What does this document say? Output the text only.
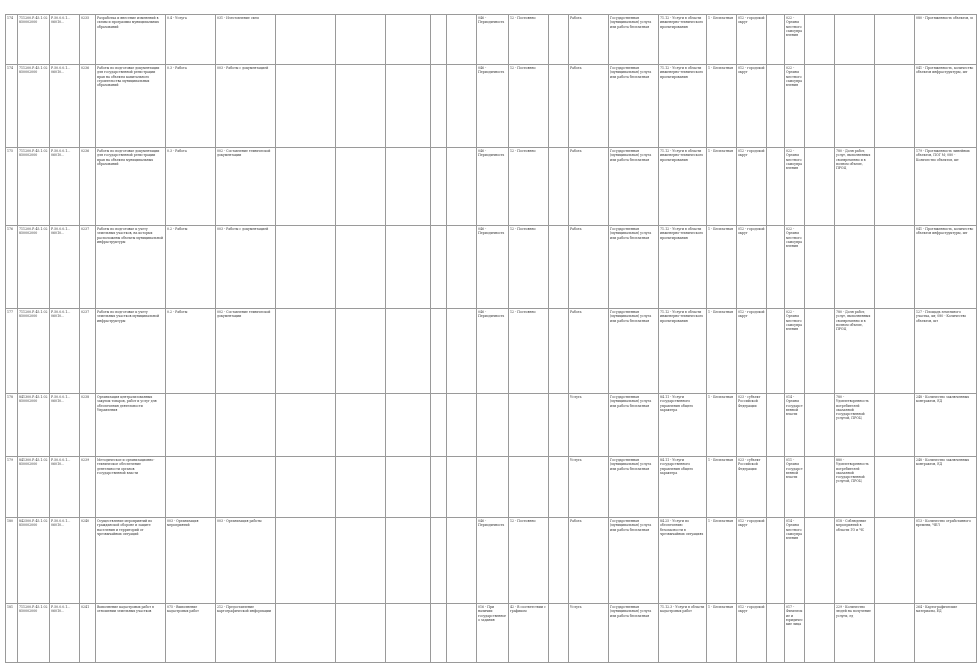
174	711200.Р.45.1.02850002000	Р.50.0.0.1... 06010...	0235	Разработка и внесение изменений в схемы и программы муниципальных образований	0.4 - Услуга	031 - Изготовление схем						046 - Периодичность	12 - Постоянно		Работа	Государственная (муниципальная) услуга или работа бесплатная	71.12 - Услуги в области инженерно-технического проектирования	1 - Бесплатная	012 - городской округ		022 - Органы местного самоуправления				080 - Протяженность объектов, м
174	711200.Р.45.1.02850002000	Р.50.0.0.1... 06010...	0236	Работы по подготовке документации для государственной регистрации прав на объекты капитального строительства муниципальных образований	0.3 - Работа	003 - Работы с документацией						046 - Периодичность	12 - Постоянно		Работа	Государственная (муниципальная) услуга или работа бесплатная	71.12 - Услуги в области инженерно-технического проектирования	1 - Бесплатная	012 - городской округ		022 - Органы местного самоуправления				041 - Протяженность, количество объектов инфраструктуры, шт
175	711200.Р.45.1.02850002000	Р.50.0.0.1... 06010...	0236	Работы по подготовке документации для государственной регистрации прав на объекты муниципальных образований	0.3 - Работа	002 - Составление технической документации						046 - Периодичность	12 - Постоянно		Работа	Государственная (муниципальная) услуга или работа бесплатная	71.12 - Услуги в области инженерно-технического проектирования	1 - Бесплатная	012 - городской округ		022 - Органы местного самоуправления		780 - Доля работ, услуг, выполненных своевременно и в полном объеме, ПРОЦ		179 - Протяженность линейных объектов, ПОГ М; 080 - Количество объектов, шт
176	711200.Р.45.1.02850002000	Р.50.0.0.1... 06010...	0237	Работы по подготовке к учету земельных участков, на которых расположены объекты муниципальной инфраструктуры	0.2 - Работы	003 - Работы с документацией						046 - Периодичность	12 - Постоянно		Работа	Государственная (муниципальная) услуга или работа бесплатная	71.12 - Услуги в области инженерно-технического проектирования	1 - Бесплатная	012 - городской округ		022 - Органы местного самоуправления				041 - Протяженность, количество объектов инфраструктуры, шт
177	711200.Р.45.1.02850002000	Р.50.0.0.1... 06010...	0237	Работы по подготовке к учету земельных участков муниципальной инфраструктуры	0.2 - Работы	002 - Составление технической документации						046 - Периодичность	12 - Постоянно		Работа	Государственная (муниципальная) услуга или работа бесплатная	71.12 - Услуги в области инженерно-технического проектирования	1 - Бесплатная	012 - городской округ		022 - Органы местного самоуправления		780 - Доля работ, услуг, выполненных своевременно и в полном объеме, ПРОЦ		127 - Площадь земельного участка, кв; 080 - Количество объектов, шт
178	841300.Р.45.1.02850002000	Р.50.0.0.1... 06010...	0238	Организация централизованных закупок товаров, работ и услуг для обеспечения деятельности Управления											Услуга	Государственная (муниципальная) услуга или работа бесплатная	84.11 - Услуги государственного управления общего характера	1 - Бесплатная	023 - субъект Российской Федерации		014 - Органы государственной власти		780 - Удовлетворенность потребителей оказанной государственной услугой, ПРОЦ		248 - Количество заключенных контрактов, ЕД
179	841300.Р.45.1.02850002000	Р.50.0.0.1... 06010...	0239	Методическое и организационно-техническое обеспечение деятельности органов государственной власти											Услуга	Государственная (муниципальная) услуга или работа бесплатная	84.11 - Услуги государственного управления общего характера	1 - Бесплатная	023 - субъект Российской Федерации		011 - Органы государственной власти		880 - Удовлетворенность потребителей оказанной государственной услугой, ПРОЦ		248 - Количество заключенных контрактов, ЕД
180	842500.Р.45.1.02850002000	Р.50.0.0.1... 06010...	0240	Осуществление мероприятий по гражданской обороне и защите населения и территорий от чрезвычайных ситуаций	003 - Организация мероприятий	003 - Организация работы						046 - Периодичность	12 - Постоянно		Работа	Государственная (муниципальная) услуга или работа бесплатная	84.25 - Услуги по обеспечению безопасности в чрезвычайных ситуациях	1 - Бесплатная	012 - городской округ		014 - Органы местного самоуправления		018 - Соблюдение мероприятий в области ГО и ЧС		013 - Количество отработанного времени, ЧЕЛ
181	711200.Р.45.1.02850002000	Р.50.0.0.1... 06010...	0241	Выполнение кадастровых работ в отношении земельных участков	075 - Выполнение кадастровых работ	212 - Предоставление картографической информации						016 - При наличии государственного задания	42 - В соответствии с графиком		Услуга	Государственная (муниципальная) услуга или работа бесплатная	71.12.3 - Услуги в области кадастровых работ	1 - Бесплатная	012 - городской округ		017 - Физические и юридические лица		229 - Количество людей на получение услуги, ед		264 - Картографические материалы, ЕД
